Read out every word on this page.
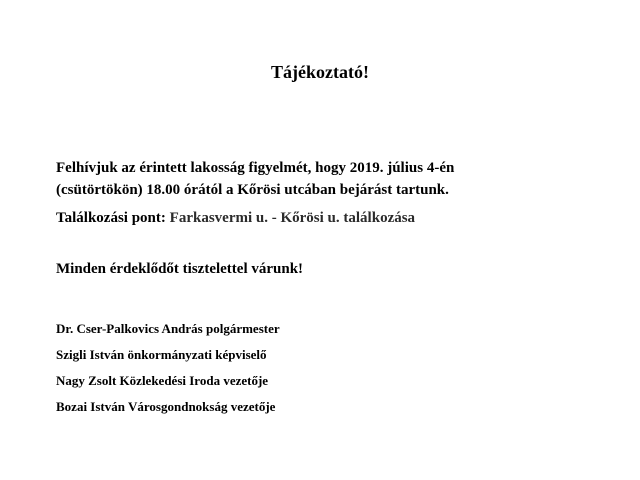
Tájékoztató!
Felhívjuk az érintett lakosság figyelmét, hogy 2019. július 4-én
(csütörtökön) 18.00 órától a Kőrösi utcában bejárást tartunk.
Találkozási pont: Farkasvermi u. - Kőrösi u. találkozása
Minden érdeklődőt tisztelettel várunk!
Dr. Cser-Palkovics András polgármester
Szigli István önkormányzati képviselő
Nagy Zsolt Közlekedési Iroda vezetője
Bozai István Városgondnokság vezetője
